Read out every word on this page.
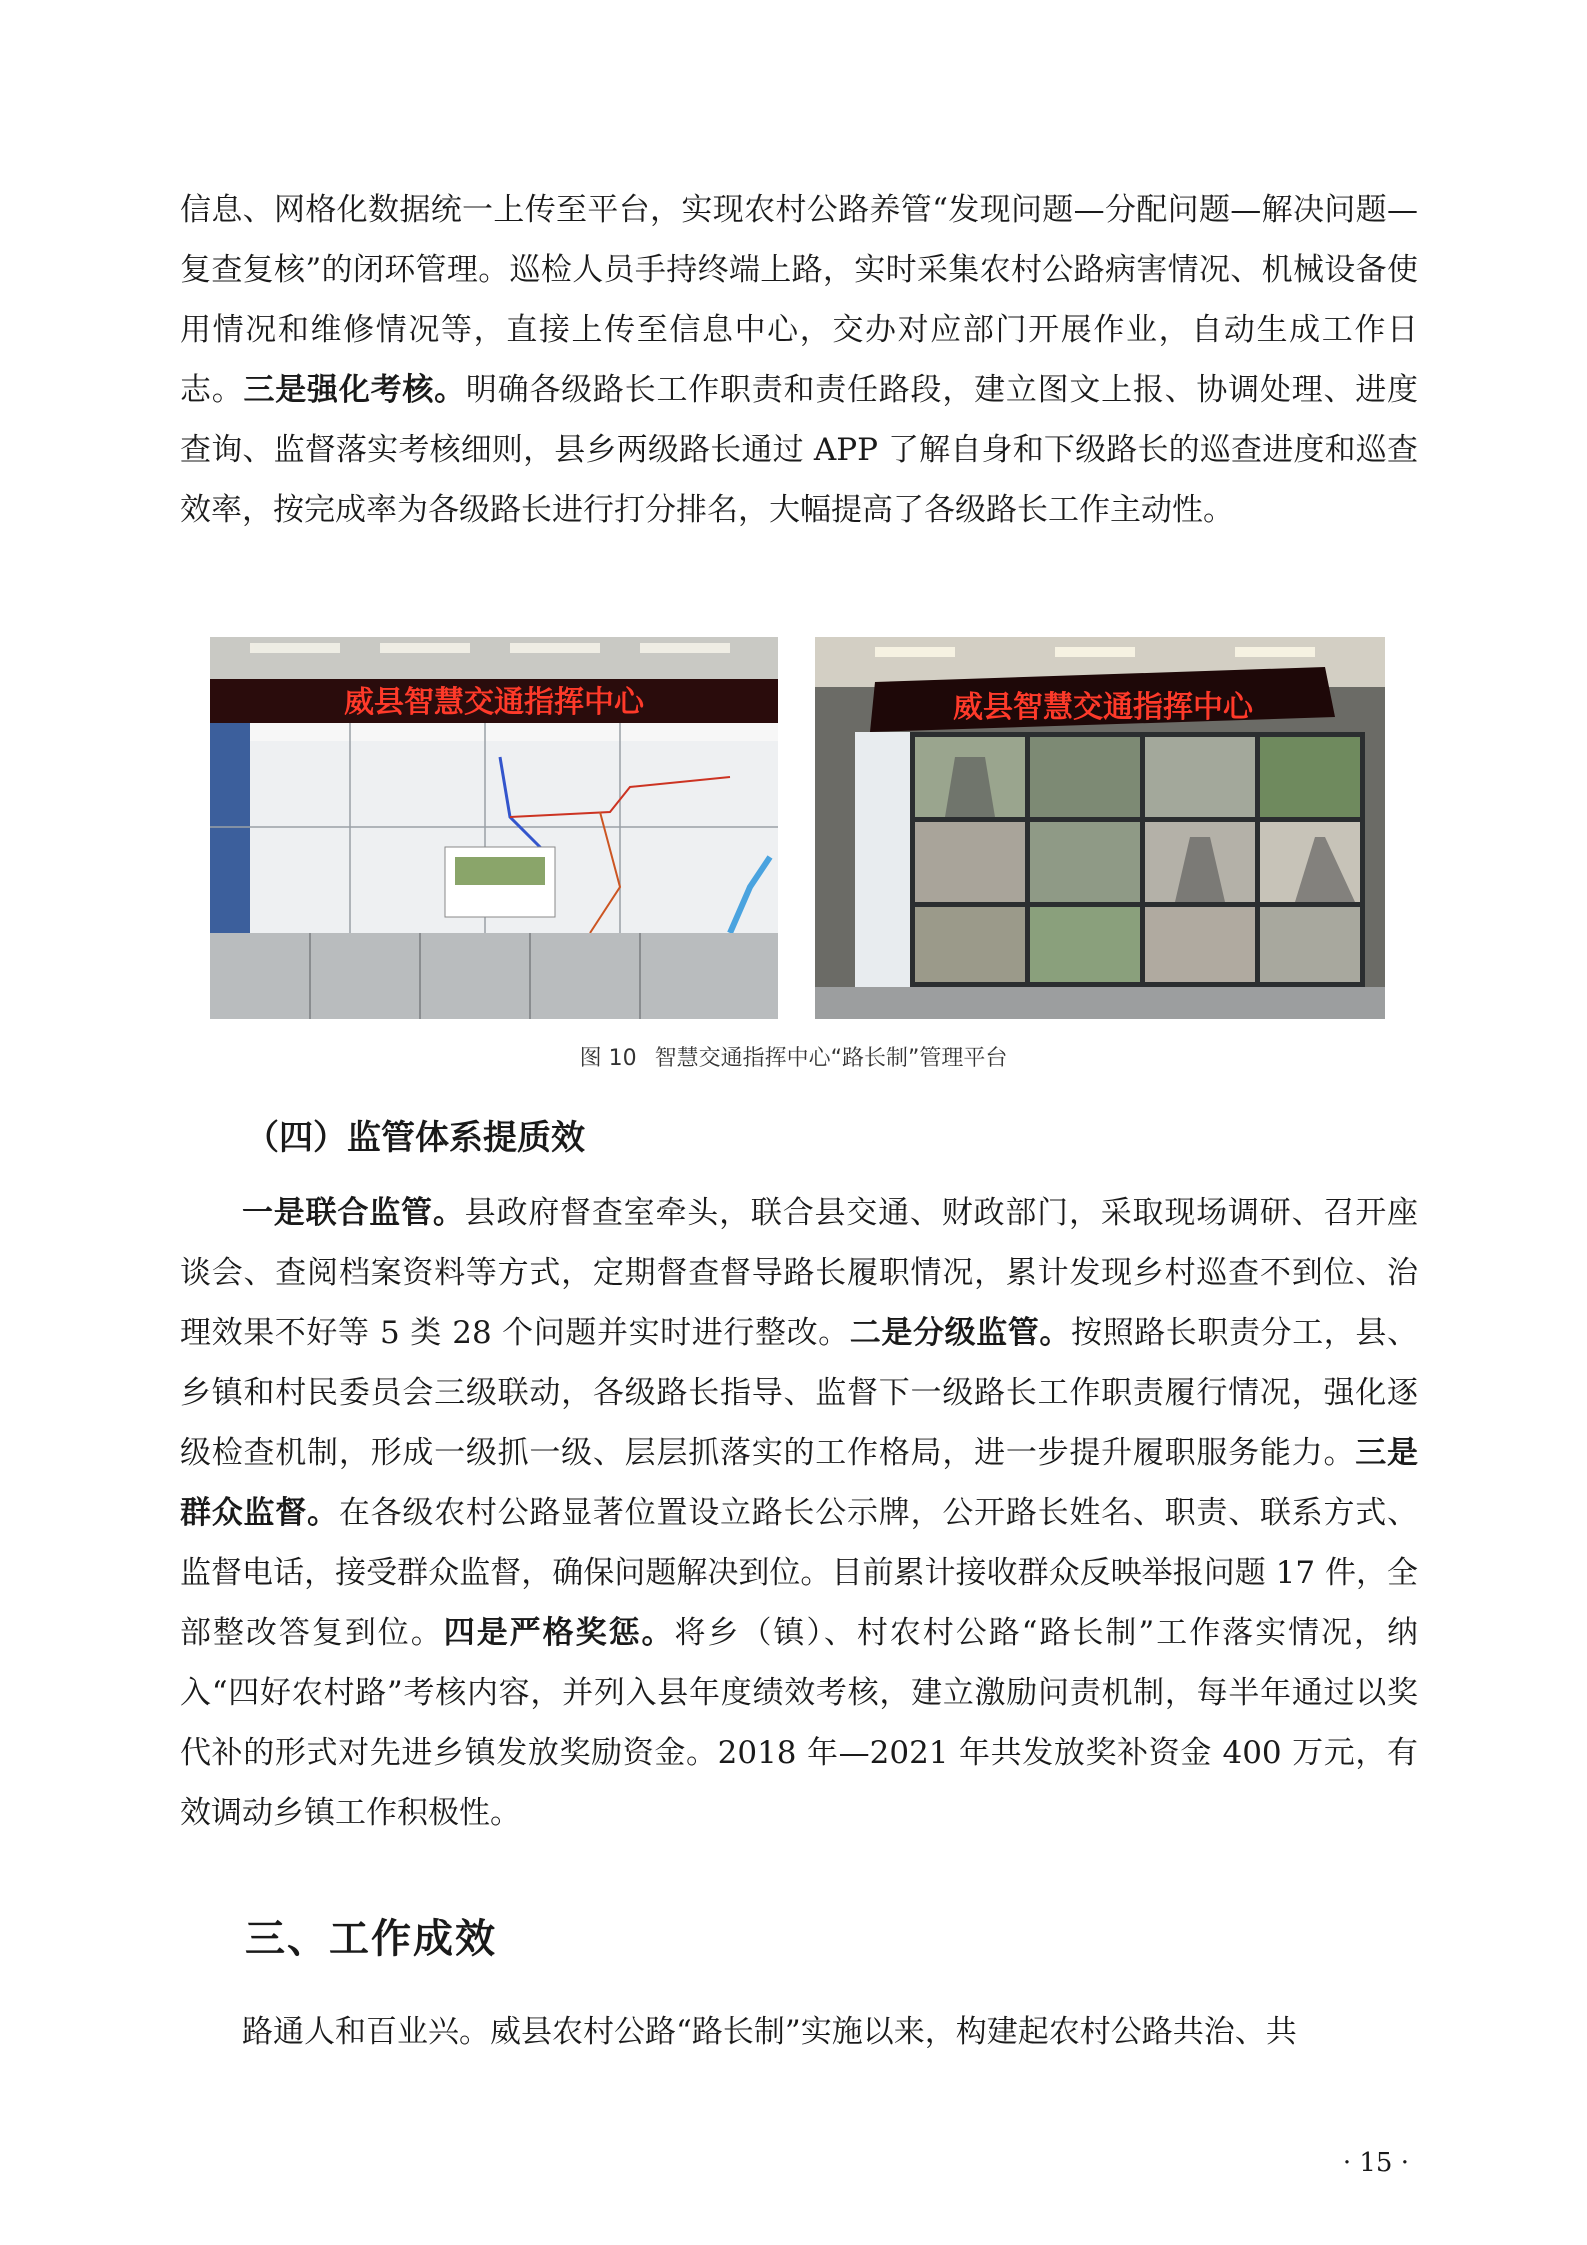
信息、网格化数据统一上传至平台，实现农村公路养管“发现问题—分配问题—解决问题—复查复核”的闭环管理。巡检人员手持终端上路，实时采集农村公路病害情况、机械设备使用情况和维修情况等，直接上传至信息中心，交办对应部门开展作业，自动生成工作日志。三是强化考核。明确各级路长工作职责和责任路段，建立图文上报、协调处理、进度查询、监督落实考核细则，县乡两级路长通过 APP 了解自身和下级路长的巡查进度和巡查效率，按完成率为各级路长进行打分排名，大幅提高了各级路长工作主动性。

威县智慧交通指挥中心	威县智慧交通指挥中心
图 10 智慧交通指挥中心“路长制”管理平台
（四）监管体系提质效

一是联合监管。县政府督查室牵头，联合县交通、财政部门，采取现场调研、召开座谈会、查阅档案资料等方式，定期督查督导路长履职情况，累计发现乡村巡查不到位、治理效果不好等 5 类 28 个问题并实时进行整改。二是分级监管。按照路长职责分工，县、乡镇和村民委员会三级联动，各级路长指导、监督下一级路长工作职责履行情况，强化逐级检查机制，形成一级抓一级、层层抓落实的工作格局，进一步提升履职服务能力。三是群众监督。在各级农村公路显著位置设立路长公示牌，公开路长姓名、职责、联系方式、监督电话，接受群众监督，确保问题解决到位。目前累计接收群众反映举报问题 17 件，全部整改答复到位。四是严格奖惩。将乡（镇）、村农村公路“路长制”工作落实情况，纳入“四好农村路”考核内容，并列入县年度绩效考核，建立激励问责机制，每半年通过以奖代补的形式对先进乡镇发放奖励资金。2018 年—2021 年共发放奖补资金 400 万元，有效调动乡镇工作积极性。

三、工作成效

路通人和百业兴。威县农村公路“路长制”实施以来，构建起农村公路共治、共

· 15 ·
